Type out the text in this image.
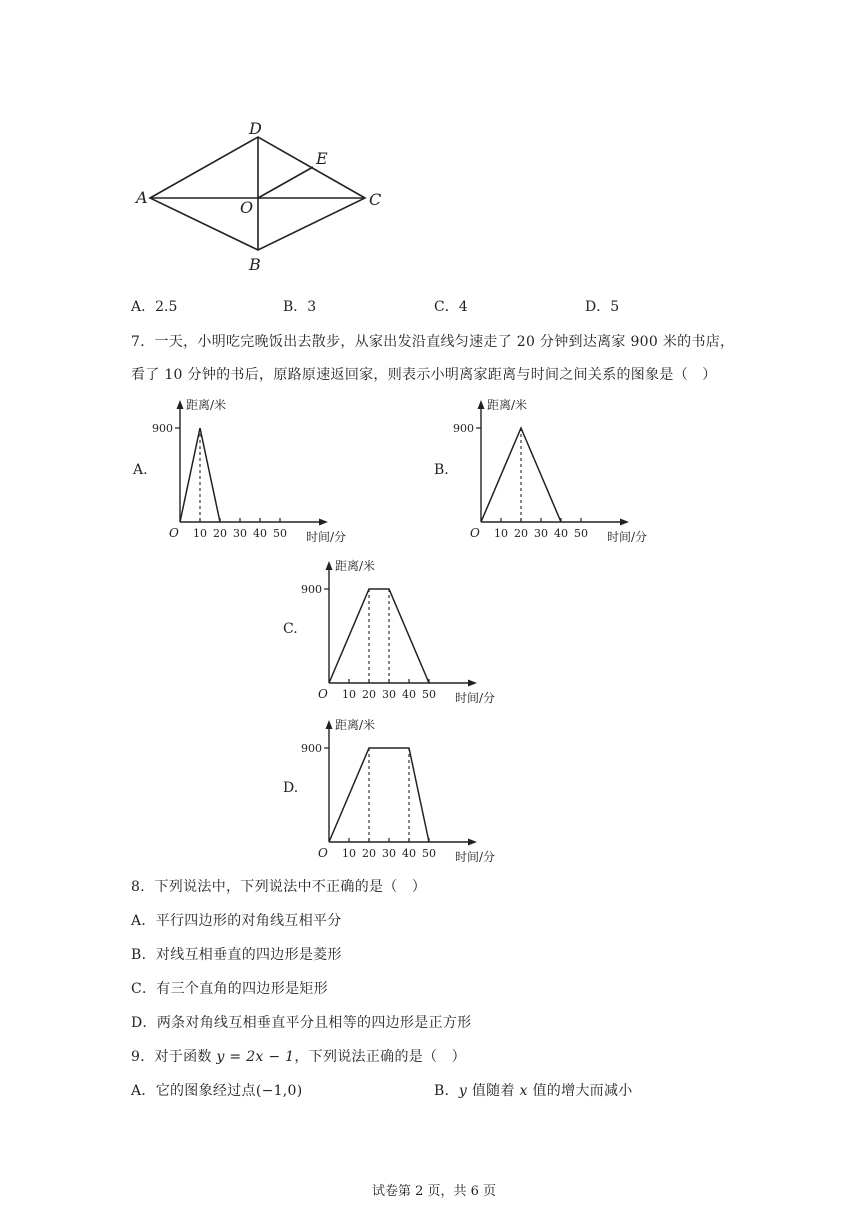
D
E
A	C
O
B
A．2.5	B．3	C．4	D．5
7．一天，小明吃完晚饭出去散步，从家出发沿直线匀速走了 20 分钟到达离家 900 米的书店，
看了 10 分钟的书后，原路原速返回家，则表示小明离家距离与时间之间关系的图象是（　）
A.	B.
C.
D.
900
10 20 30 40 50
O
距离/米
时间/分
900
10 20 30 40 50
O
距离/米
时间/分
900
10 20 30 40 50
O
距离/米
时间/分
900
10 20 30 40 50
O
距离/米
时间/分
8．下列说法中，下列说法中不正确的是（　）
A．平行四边形的对角线互相平分
B．对线互相垂直的四边形是菱形
C．有三个直角的四边形是矩形
D．两条对角线互相垂直平分且相等的四边形是正方形
9．对于函数 y = 2x − 1，下列说法正确的是（　）
A．它的图象经过点(−1,0)	B．y 值随着 x 值的增大而减小
试卷第 2 页，共 6 页
